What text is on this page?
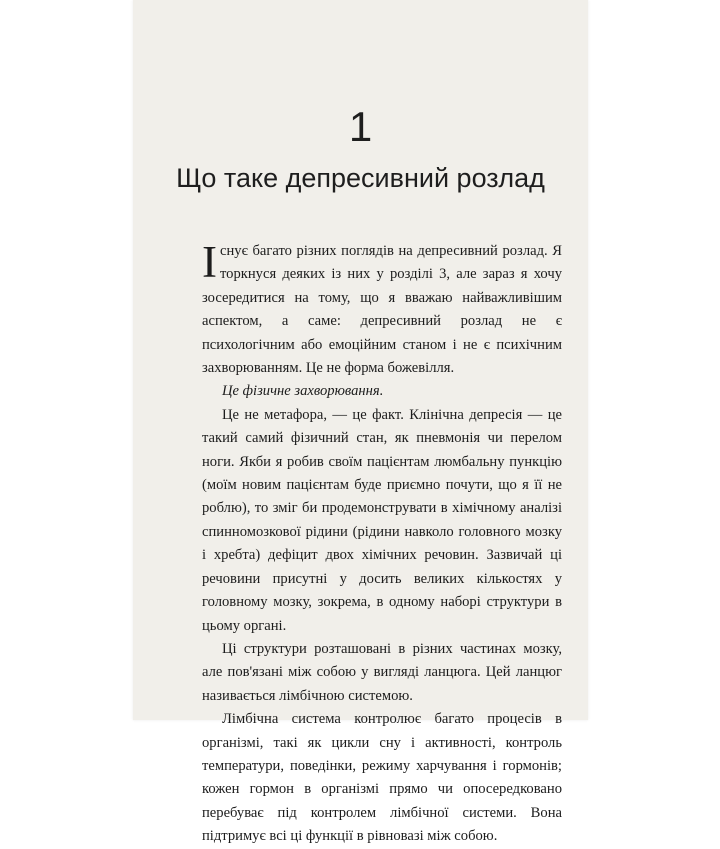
1
Що таке депресивний розлад

Існує багато різних поглядів на депресивний розлад. Я торкнуся деяких із них у розділі 3, але зараз я хочу зосередитися на тому, що я вважаю найважливішим аспектом, а саме: депресивний розлад не є психологічним або емоційним станом і не є психічним захворюванням. Це не форма божевілля.

Це фізичне захворювання.

Це не метафора, — це факт. Клінічна депресія — це такий самий фізичний стан, як пневмонія чи перелом ноги. Якби я робив своїм пацієнтам люмбальну пункцію (моїм новим пацієнтам буде приємно почути, що я її не роблю), то зміг би продемонструвати в хімічному аналізі спинномозкової рідини (рідини навколо головного мозку і хребта) дефіцит двох хімічних речовин. Зазвичай ці речовини присутні у досить великих кількостях у головному мозку, зокрема, в одному наборі структури в цьому органі.

Ці структури розташовані в різних частинах мозку, але пов'язані між собою у вигляді ланцюга. Цей ланцюг називається лімбічною системою.

Лімбічна система контролює багато процесів в організмі, такі як цикли сну і активності, контроль температури, поведінки, режиму харчування і гормонів; кожен гормон в організмі прямо чи опосередковано перебуває під контролем лімбічної системи. Вона підтримує всі ці функції в рівновазі між собою.
